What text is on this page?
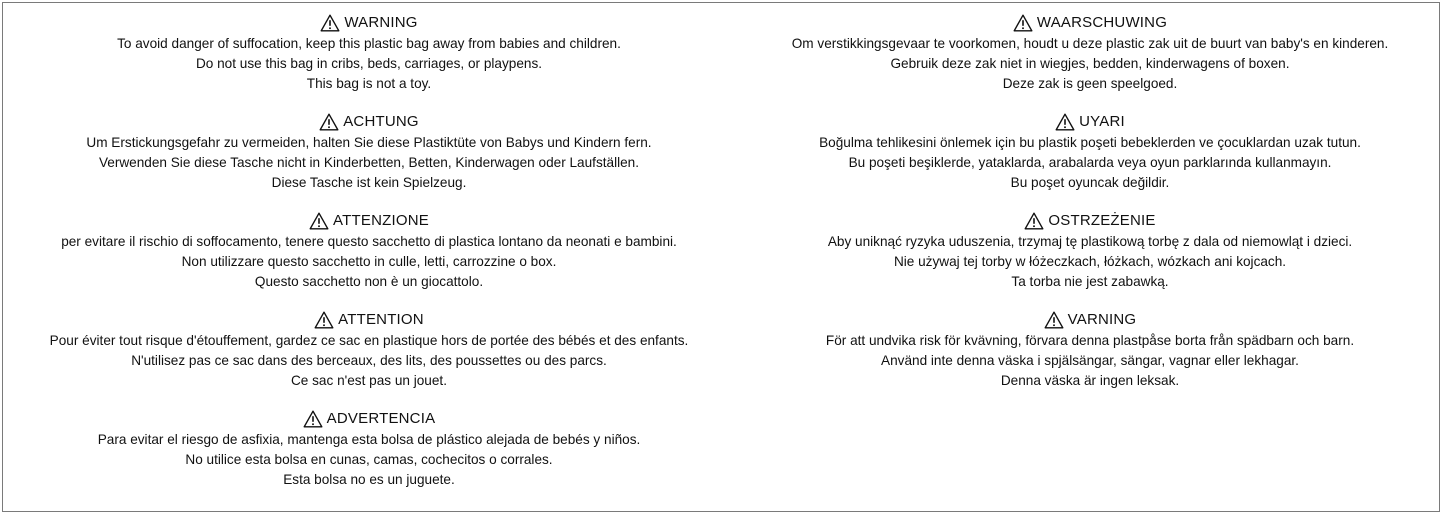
WARNING
To avoid danger of suffocation, keep this plastic bag away from babies and children.
Do not use this bag in cribs, beds, carriages, or playpens.
This bag is not a toy.
ACHTUNG
Um Erstickungsgefahr zu vermeiden, halten Sie diese Plastiktüte von Babys und Kindern fern.
Verwenden Sie diese Tasche nicht in Kinderbetten, Betten, Kinderwagen oder Laufställen.
Diese Tasche ist kein Spielzeug.
ATTENZIONE
per evitare il rischio di soffocamento, tenere questo sacchetto di plastica lontano da neonati e bambini.
Non utilizzare questo sacchetto in culle, letti, carrozzine o box.
Questo sacchetto non è un giocattolo.
ATTENTION
Pour éviter tout risque d'étouffement, gardez ce sac en plastique hors de portée des bébés et des enfants.
N'utilisez pas ce sac dans des berceaux, des lits, des poussettes ou des parcs.
Ce sac n'est pas un jouet.
ADVERTENCIA
Para evitar el riesgo de asfixia, mantenga esta bolsa de plástico alejada de bebés y niños.
No utilice esta bolsa en cunas, camas, cochecitos o corrales.
Esta bolsa no es un juguete.
WAARSCHUWING
Om verstikkingsgevaar te voorkomen, houdt u deze plastic zak uit de buurt van baby's en kinderen.
Gebruik deze zak niet in wiegjes, bedden, kinderwagens of boxen.
Deze zak is geen speelgoed.
UYARI
Boğulma tehlikesini önlemek için bu plastik poşeti bebeklerden ve çocuklardan uzak tutun.
Bu poşeti beşiklerde, yataklarda, arabalarda veya oyun parklarında kullanmayın.
Bu poşet oyuncak değildir.
OSTRZEŻENIE
Aby uniknąć ryzyka uduszenia, trzymaj tę plastikową torbę z dala od niemowląt i dzieci.
Nie używaj tej torby w łóżeczkach, łóżkach, wózkach ani kojcach.
Ta torba nie jest zabawką.
VARNING
För att undvika risk för kvävning, förvara denna plastpåse borta från spädbarn och barn.
Använd inte denna väska i spjälsängar, sängar, vagnar eller lekhagar.
Denna väska är ingen leksak.
